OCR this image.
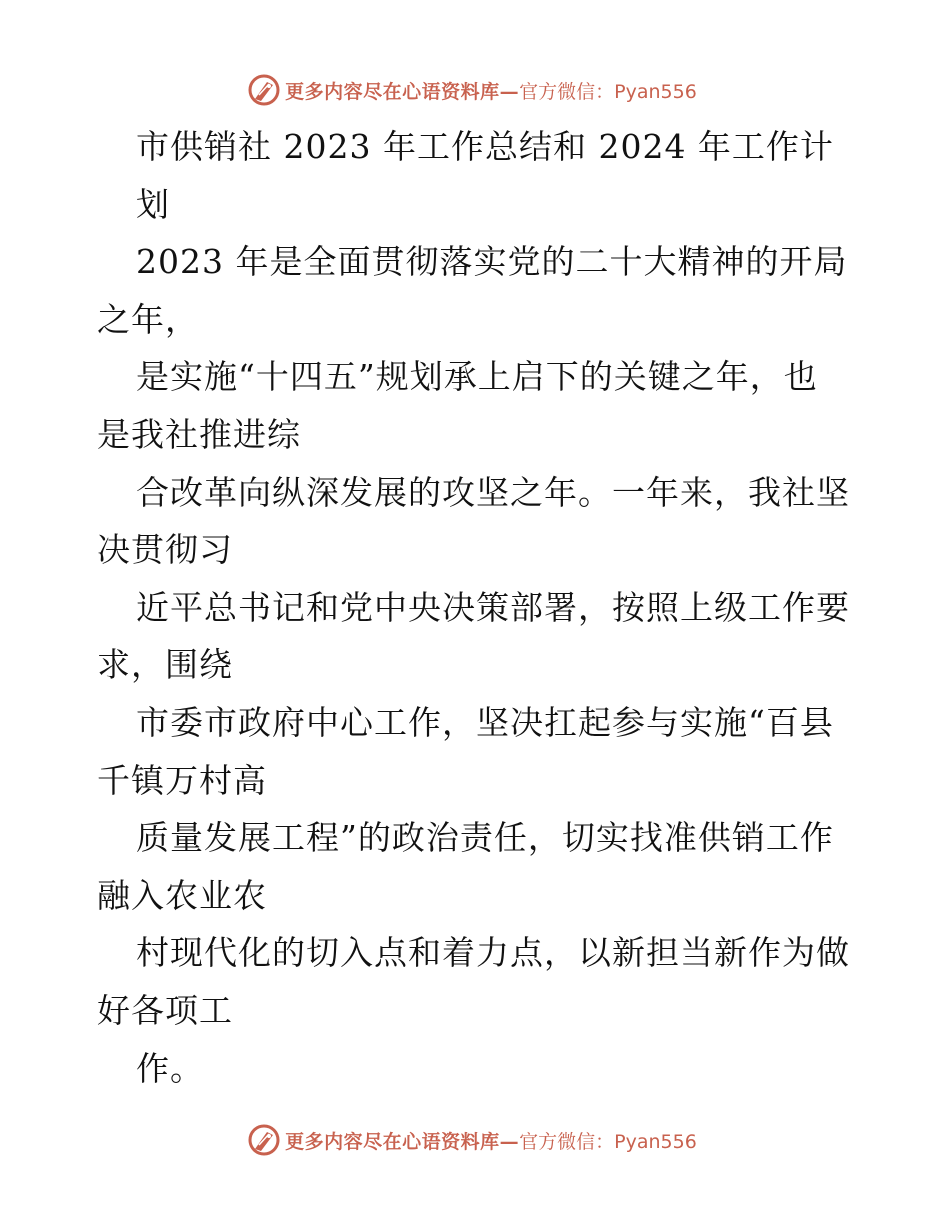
更多内容尽在心语资料库— 官方微信：Pyan556
市供销社 2023 年工作总结和 2024 年工作计
划
2023 年是全面贯彻落实党的二十大精神的开局
之年，
是实施“十四五”规划承上启下的关键之年，也
是我社推进综
合改革向纵深发展的攻坚之年。一年来，我社坚
决贯彻习
近平总书记和党中央决策部署，按照上级工作要
求，围绕
市委市政府中心工作，坚决扛起参与实施“百县
千镇万村高
质量发展工程”的政治责任，切实找准供销工作
融入农业农
村现代化的切入点和着力点，以新担当新作为做
好各项工
作。
更多内容尽在心语资料库— 官方微信：Pyan556
